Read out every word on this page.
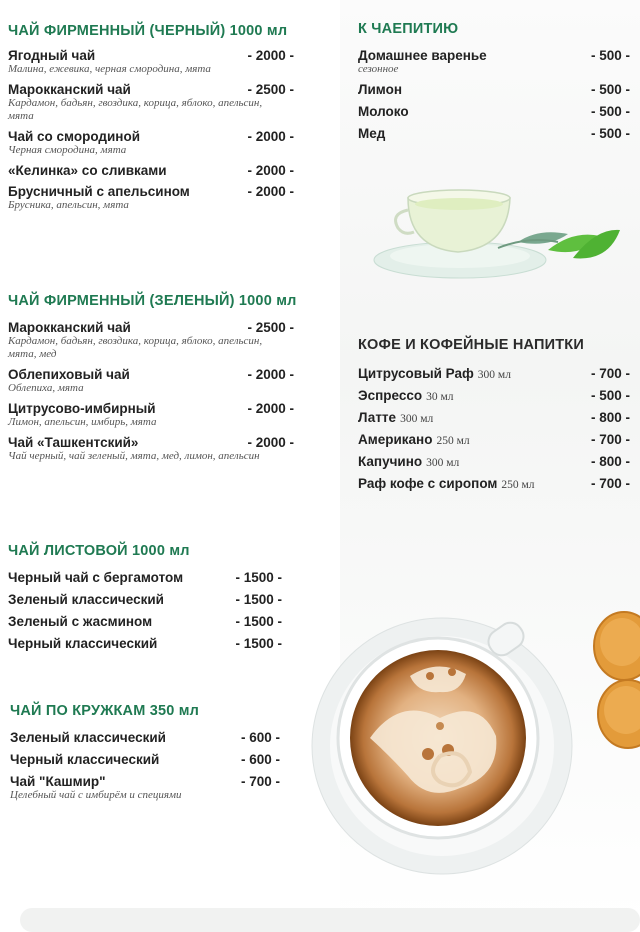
ЧАЙ ФИРМЕННЫЙ (ЧЕРНЫЙ) 1000 мл
Ягодный чай	- 2000 -
Малина, ежевика, черная смородина, мята
Марокканский чай	- 2500 -
Кардамон, бадьян, гвоздика, корица, яблоко, апельсин, мята
Чай со смородиной	- 2000 -
Черная смородина, мята
«Келинка» со сливками	- 2000 -
Брусничный с апельсином	- 2000 -
Брусника, апельсин, мята
ЧАЙ ФИРМЕННЫЙ (ЗЕЛЕНЫЙ) 1000 мл
Марокканский чай	- 2500 -
Кардамон, бадьян, гвоздика, корица, яблоко, апельсин, мята, мед
Облепиховый чай	- 2000 -
Облепиха, мята
Цитрусово-имбирный	- 2000 -
Лимон, апельсин, имбирь, мята
Чай «Ташкентский»	- 2000 -
Чай черный, чай зеленый, мята, мед, лимон, апельсин
ЧАЙ ЛИСТОВОЙ 1000 мл
Черный чай с бергамотом	- 1500 -
Зеленый классический	- 1500 -
Зеленый с жасмином	- 1500 -
Черный классический	- 1500 -
ЧАЙ ПО КРУЖКАМ 350 мл
Зеленый классический	- 600 -
Черный классический	- 600 -
Чай "Кашмир"	- 700 -
Целебный чай с имбирём и специями
К ЧАЕПИТИЮ
Домашнее варенье	- 500 -
сезонное
Лимон	- 500 -
Молоко	- 500 -
Мед	- 500 -
КОФЕ И КОФЕЙНЫЕ НАПИТКИ
Цитрусовый Раф 300 мл	- 700 -
Эспрессо 30 мл	- 500 -
Латте 300 мл	- 800 -
Американо 250 мл	- 700 -
Капучино 300 мл	- 800 -
Раф кофе с сиропом 250 мл	- 700 -
